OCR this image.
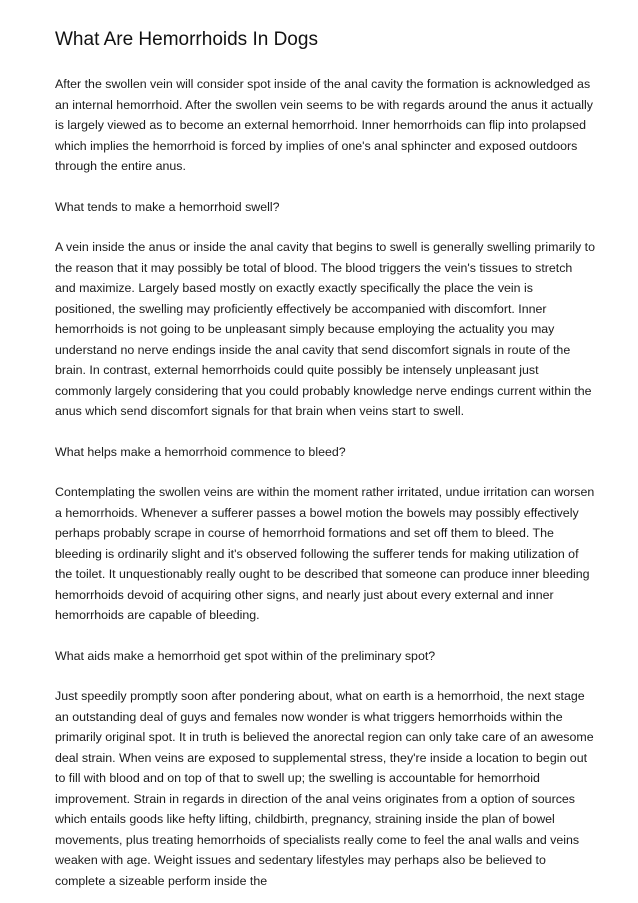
What Are Hemorrhoids In Dogs

After the swollen vein will consider spot inside of the anal cavity the formation is acknowledged as an internal hemorrhoid. After the swollen vein seems to be with regards around the anus it actually is largely viewed as to become an external hemorrhoid. Inner hemorrhoids can flip into prolapsed which implies the hemorrhoid is forced by implies of one's anal sphincter and exposed outdoors through the entire anus.

What tends to make a hemorrhoid swell?

A vein inside the anus or inside the anal cavity that begins to swell is generally swelling primarily to the reason that it may possibly be total of blood. The blood triggers the vein's tissues to stretch and maximize. Largely based mostly on exactly exactly specifically the place the vein is positioned, the swelling may proficiently effectively be accompanied with discomfort. Inner hemorrhoids is not going to be unpleasant simply because employing the actuality you may understand no nerve endings inside the anal cavity that send discomfort signals in route of the brain. In contrast, external hemorrhoids could quite possibly be intensely unpleasant just commonly largely considering that you could probably knowledge nerve endings current within the anus which send discomfort signals for that brain when veins start to swell.

What helps make a hemorrhoid commence to bleed?

Contemplating the swollen veins are within the moment rather irritated, undue irritation can worsen a hemorrhoids. Whenever a sufferer passes a bowel motion the bowels may possibly effectively perhaps probably scrape in course of hemorrhoid formations and set off them to bleed. The bleeding is ordinarily slight and it's observed following the sufferer tends for making utilization of the toilet. It unquestionably really ought to be described that someone can produce inner bleeding hemorrhoids devoid of acquiring other signs, and nearly just about every external and inner hemorrhoids are capable of bleeding.

What aids make a hemorrhoid get spot within of the preliminary spot?

Just speedily promptly soon after pondering about, what on earth is a hemorrhoid, the next stage an outstanding deal of guys and females now wonder is what triggers hemorrhoids within the primarily original spot. It in truth is believed the anorectal region can only take care of an awesome deal strain. When veins are exposed to supplemental stress, they're inside a location to begin out to fill with blood and on top of that to swell up; the swelling is accountable for hemorrhoid improvement. Strain in regards in direction of the anal veins originates from a option of sources which entails goods like hefty lifting, childbirth, pregnancy, straining inside the plan of bowel movements, plus treating hemorrhoids of specialists really come to feel the anal walls and veins weaken with age. Weight issues and sedentary lifestyles may perhaps also be believed to complete a sizeable perform inside the
